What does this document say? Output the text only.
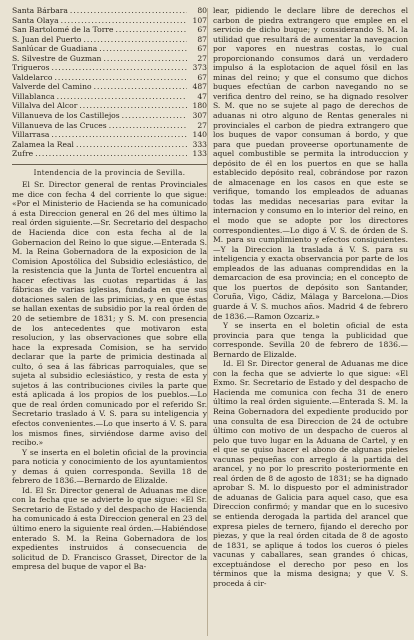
Santa Bárbara .....	80
Santa Olaya .....	107
San Bartolomé de la Torre .....	67
S. Juan del Puerto .....	87
Sanlúcar de Guadiana .....	67
S. Silvestre de Guzman .....	27
Trigueros .....	373
Valdelarco .....	67
Valverde del Camino .....	487
Villablanca .....	47
Villalva del Alcor .....	180
Villanueva de los Castillejos .....	307
Villanueva de las Cruces .....	27
Villarrasa .....	140
Zalamea la Real .....	333
Zufre .....	133
Intendencia de la provincia de Sevilla.

El Sr. Director general de rentas Provinciales me dice con fecha 4 del corriente lo que sigue: «Por el Ministerio de Hacienda se ha comunicado á esta Direccion general en 26 del mes último la real órden siguiente.—Sr. Secretario del despacho de Hacienda dice con esta fecha al de la Gobernacion del Reino lo que sigue.—Enterada S. M. la Reina Gobernadora de la exposicion de la Comision Apostólica del Subsidio eclesiástico, de la resistencia que la Junta de Tortel encuentra al hacer efectivas las cuotas repartidas á las fábricas de varias iglesias, fundada en que sus dotaciones salen de las primicias, y en que éstas se hallan exentas de subsidio por la real órden de 20 de setiembre de 1831; y S. M. con presencia de los antecedentes que motivaron esta resolucion, y las observaciones que sobre ella hace la expresada Comision, se ha servido declarar que la parte de primicia destinada al culto, ó sea á las fábricas parroquiales, que se sujeta al subsidio eclesiástico, y resta de esta y sujetos á las contribuciones civiles la parte que está aplicada á los propios de los pueblos.—Lo que de real órden comunicado por el referido Sr. Secretario traslado á V. S. para su inteligencia y efectos convenientes.—Lo que inserto á V. S. para los mismos fines, sirviéndose darme aviso del recibo.»

Y se inserta en el boletin oficial de la provincia para noticia y conocimiento de los ayuntamientos y demas á quien corresponda. Sevilla 18 de febrero de 1836.—Bernardo de Elizalde.

Id. El Sr. Director general de Aduanas me dice con la fecha que se advierte lo que sigue: «El Sr. Secretario de Estado y del despacho de Hacienda ha comunicado á esta Direccion general en 23 del último enero la siguiente real órden.—Habiéndose enterado S. M. la Reina Gobernadora de los expedientes instruidos á consecuencia de solicitud de D. Francisco Grasset, Director de la empresa del buque de vapor el Ba-

lear, pidiendo le declare libre de derechos el carbon de piedra extrangero que emplee en el servicio de dicho buque; y considerando S. M. la utilidad que resultará de aumentar la navegacion por vapores en nuestras costas, lo cual proporcionando consumos dará un verdadero impulso á la esplotacion de aquel fósil en las minas del reino; y que el consumo que dichos buques efectúan de carbon navegando no se verifica dentro del reino, se ha dignado resolver S. M. que no se sujete al pago de derechos de aduanas ni otro alguno de Rentas generales ni provinciales el carbon de piedra extrangero que los buques de vapor consuman á bordo, y que para que puedan proveerse oportunamente de aquel combustible se permita la introduccion y depósito de él en los puertos en que se halla establecido depósito real, cobrándose por razon de almacenage en los casos en que este se verifique, tomando los empleados de aduanas todas las medidas necesarias para evitar la internacion y consumo en lo interior del reino, en el modo que se adopte por los directores correspondientes.—Lo digo á V. S. de órden de S. M. para su cumplimiento y efectos consiguientes.—Y la Direccion la traslada á V. S. para su inteligencia y exacta observancia por parte de los empleados de las aduanas comprendidas en la demarcacion de esa provincia; en el concepto de que los puertos de depósito son Santander, Coruña, Vigo, Cádiz, Málaga y Barcelona.—Dios guarde á V. S. muchos años. Madrid 4 de febrero de 1836.—Ramon Ozcariz.»

Y se inserta en el boletin oficial de esta provincia para que tenga la publicidad que corresponde. Sevilla 20 de febrero de 1836.—Bernardo de Elizalde.

Id. El Sr. Director general de Aduanas me dice con la fecha que se advierte lo que sigue: «El Exmo. Sr. Secretario de Estado y del despacho de Hacienda me comunica con fecha 31 de enero último la real órden siguiente.—Enterada S. M. la Reina Gobernadora del expediente producido por una consulta de esa Direccion de 24 de octubre último con motivo de un despacho de cueros al pelo que tuvo lugar en la Aduana de Cartel, y en el que se quiso hacer el abono de algunas pieles vacunas pequeñas con arreglo á la partida del arancel, y no por lo prescrito posteriormente en real órden de 8 de agosto de 1831; se ha dignado aprobar S. M. lo dispuesto por el administrador de aduanas de Galicia para aquel caso, que esa Direccion confirmó; y mandar que en lo sucesivo se entienda derogada la partida del arancel que expresa pieles de ternero, fijando el derecho por piezas, y que la real órden citada de 8 de agosto de 1831, se aplique á todos los cueros ó pieles vacunas y caballares, sean grandes ó chicas, exceptuándose el derecho por peso en los términos que la misma designa; y que V. S. proceda á cir-
